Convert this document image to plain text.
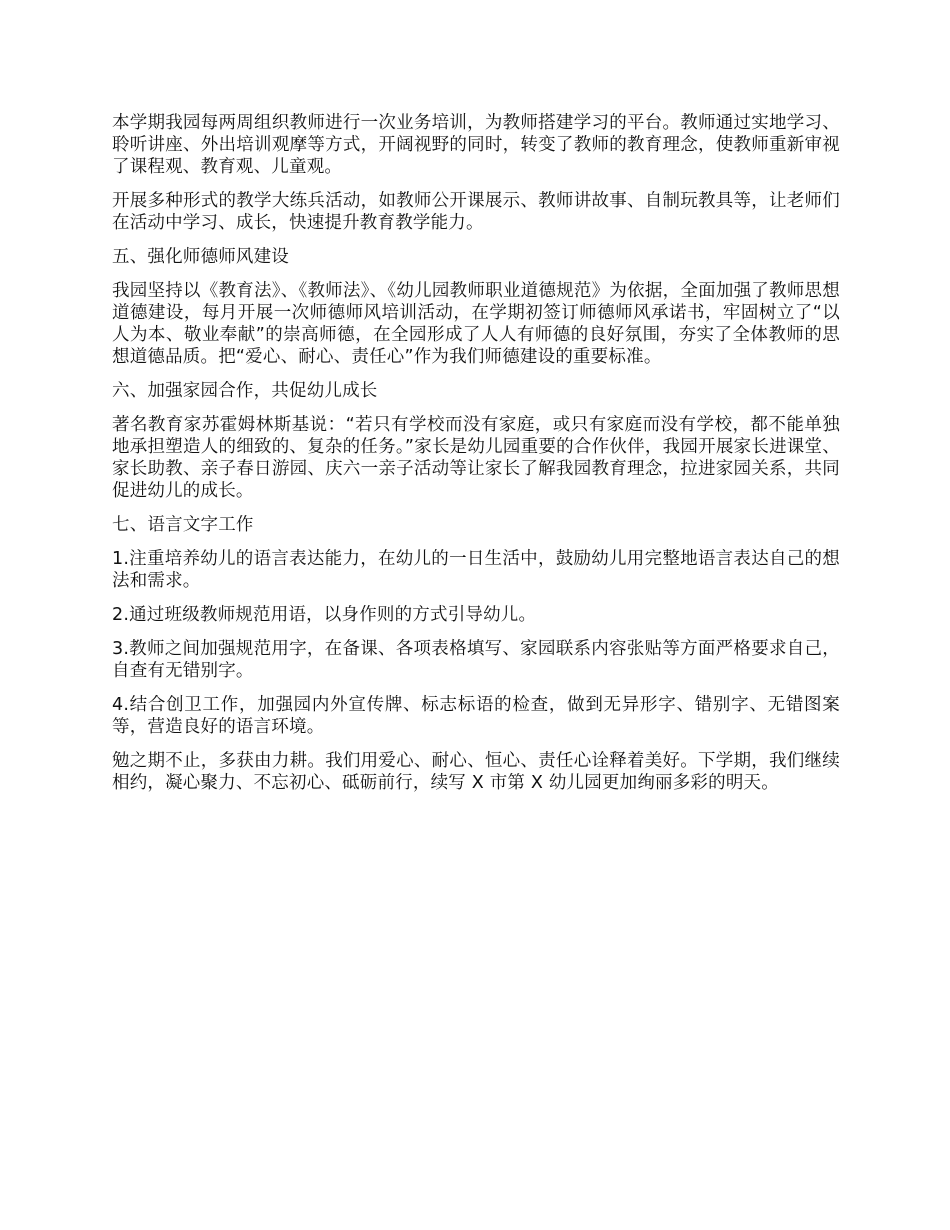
本学期我园每两周组织教师进行一次业务培训，为教师搭建学习的平台。教师通过实地学习、聆听讲座、外出培训观摩等方式，开阔视野的同时，转变了教师的教育理念，使教师重新审视了课程观、教育观、儿童观。

开展多种形式的教学大练兵活动，如教师公开课展示、教师讲故事、自制玩教具等，让老师们在活动中学习、成长，快速提升教育教学能力。

五、强化师德师风建设

我园坚持以《教育法》、《教师法》、《幼儿园教师职业道德规范》为依据，全面加强了教师思想道德建设，每月开展一次师德师风培训活动，在学期初签订师德师风承诺书，牢固树立了“以人为本、敬业奉献”的崇高师德，在全园形成了人人有师德的良好氛围，夯实了全体教师的思想道德品质。把“爱心、耐心、责任心”作为我们师德建设的重要标准。

六、加强家园合作，共促幼儿成长

著名教育家苏霍姆林斯基说：“若只有学校而没有家庭，或只有家庭而没有学校，都不能单独地承担塑造人的细致的、复杂的任务。”家长是幼儿园重要的合作伙伴，我园开展家长进课堂、家长助教、亲子春日游园、庆六一亲子活动等让家长了解我园教育理念，拉进家园关系，共同促进幼儿的成长。

七、语言文字工作

1.注重培养幼儿的语言表达能力，在幼儿的一日生活中，鼓励幼儿用完整地语言表达自己的想法和需求。

2.通过班级教师规范用语，以身作则的方式引导幼儿。

3.教师之间加强规范用字，在备课、各项表格填写、家园联系内容张贴等方面严格要求自己，自查有无错别字。

4.结合创卫工作，加强园内外宣传牌、标志标语的检查，做到无异形字、错别字、无错图案等，营造良好的语言环境。

勉之期不止，多获由力耕。我们用爱心、耐心、恒心、责任心诠释着美好。下学期，我们继续相约，凝心聚力、不忘初心、砥砺前行，续写 X 市第 X 幼儿园更加绚丽多彩的明天。
